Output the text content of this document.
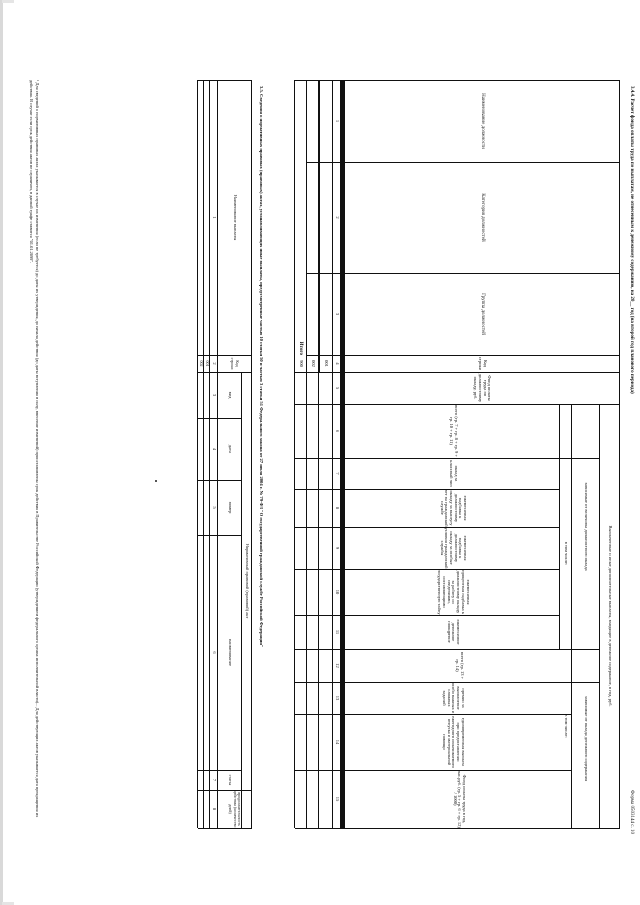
Форма 0503144 с. 10
3.4.4. Расчет фонда оплаты труда по выплатам, не отнесенным к денежному содержанию, на 20__ год (на второй год планового периода)
Наименование должности
Категория должностей
Группа должностей
Код строки
Фонд оплаты труда по должностному окладу, руб.
Выплаченные и иные дополнительные выплаты, входящие в денежное содержание, в год, руб.
зависимые от величины должностного оклада
зависимые от оклада денежного содержания
в том числе:
в том числе:
всего (гр. 7 + гр. 8 + гр. 9 + гр. 10 + гр. 11)
оклад за классный чин
ежемесячная надбавка к должностному окладу за выслугу лет на гражданской службе
ежемесячная надбавка к должностному окладу за особые условия гражданской службы
ежемесячная процентная надбавка к должностному окладу за работу со сведениями, составляющими государственную тайну
ежемесячное денежное поощрение
всего (гр. 13 + гр. 14)
премии за выполнение особо важных и сложных заданий
единовременная выплата при предоставлении ежегодного оплачиваемого отпуска и материальной помощи
Фонд оплаты труда в год, тыс.руб. (гр. 5 + гр. 6 + гр. 12) / 1000)
1
2
3
4
5
6
7
8
9
10
11
12
13
14
15
001
002
Итого
900
3.5. Сведения о нормативных правовых (правовых) актах, устанавливающих иные выплаты, предусмотренные частью 10 статьи 50 и частью 3 статьи 51 Федерального закона от 27 июля 2004 г. № 79-ФЗ "О государственной гражданской службе Российской Федерации"
Наименование выплаты
Код строки
Нормативный правовой (правовой) акт
вид
дата
номер
наименование
статья
продолжительность действия (количество дней)
1
2
3
4
5
6
7
8
001
002
¹ Для сведений о нормативных правовых актах указывается в случае их изменения (если не требуется) до даты их утверждения, до начала действия (до даты вступления в силу, внесение изменений) приостановлены срок действия в Правительстве Российской Федерации (утверждением федерального органа исполнительной власти)... Для действующих актов указывается дата прекращения их действия. В случае если срок действия актов не ограничен, в данной графе ставится "01.01.2099".
